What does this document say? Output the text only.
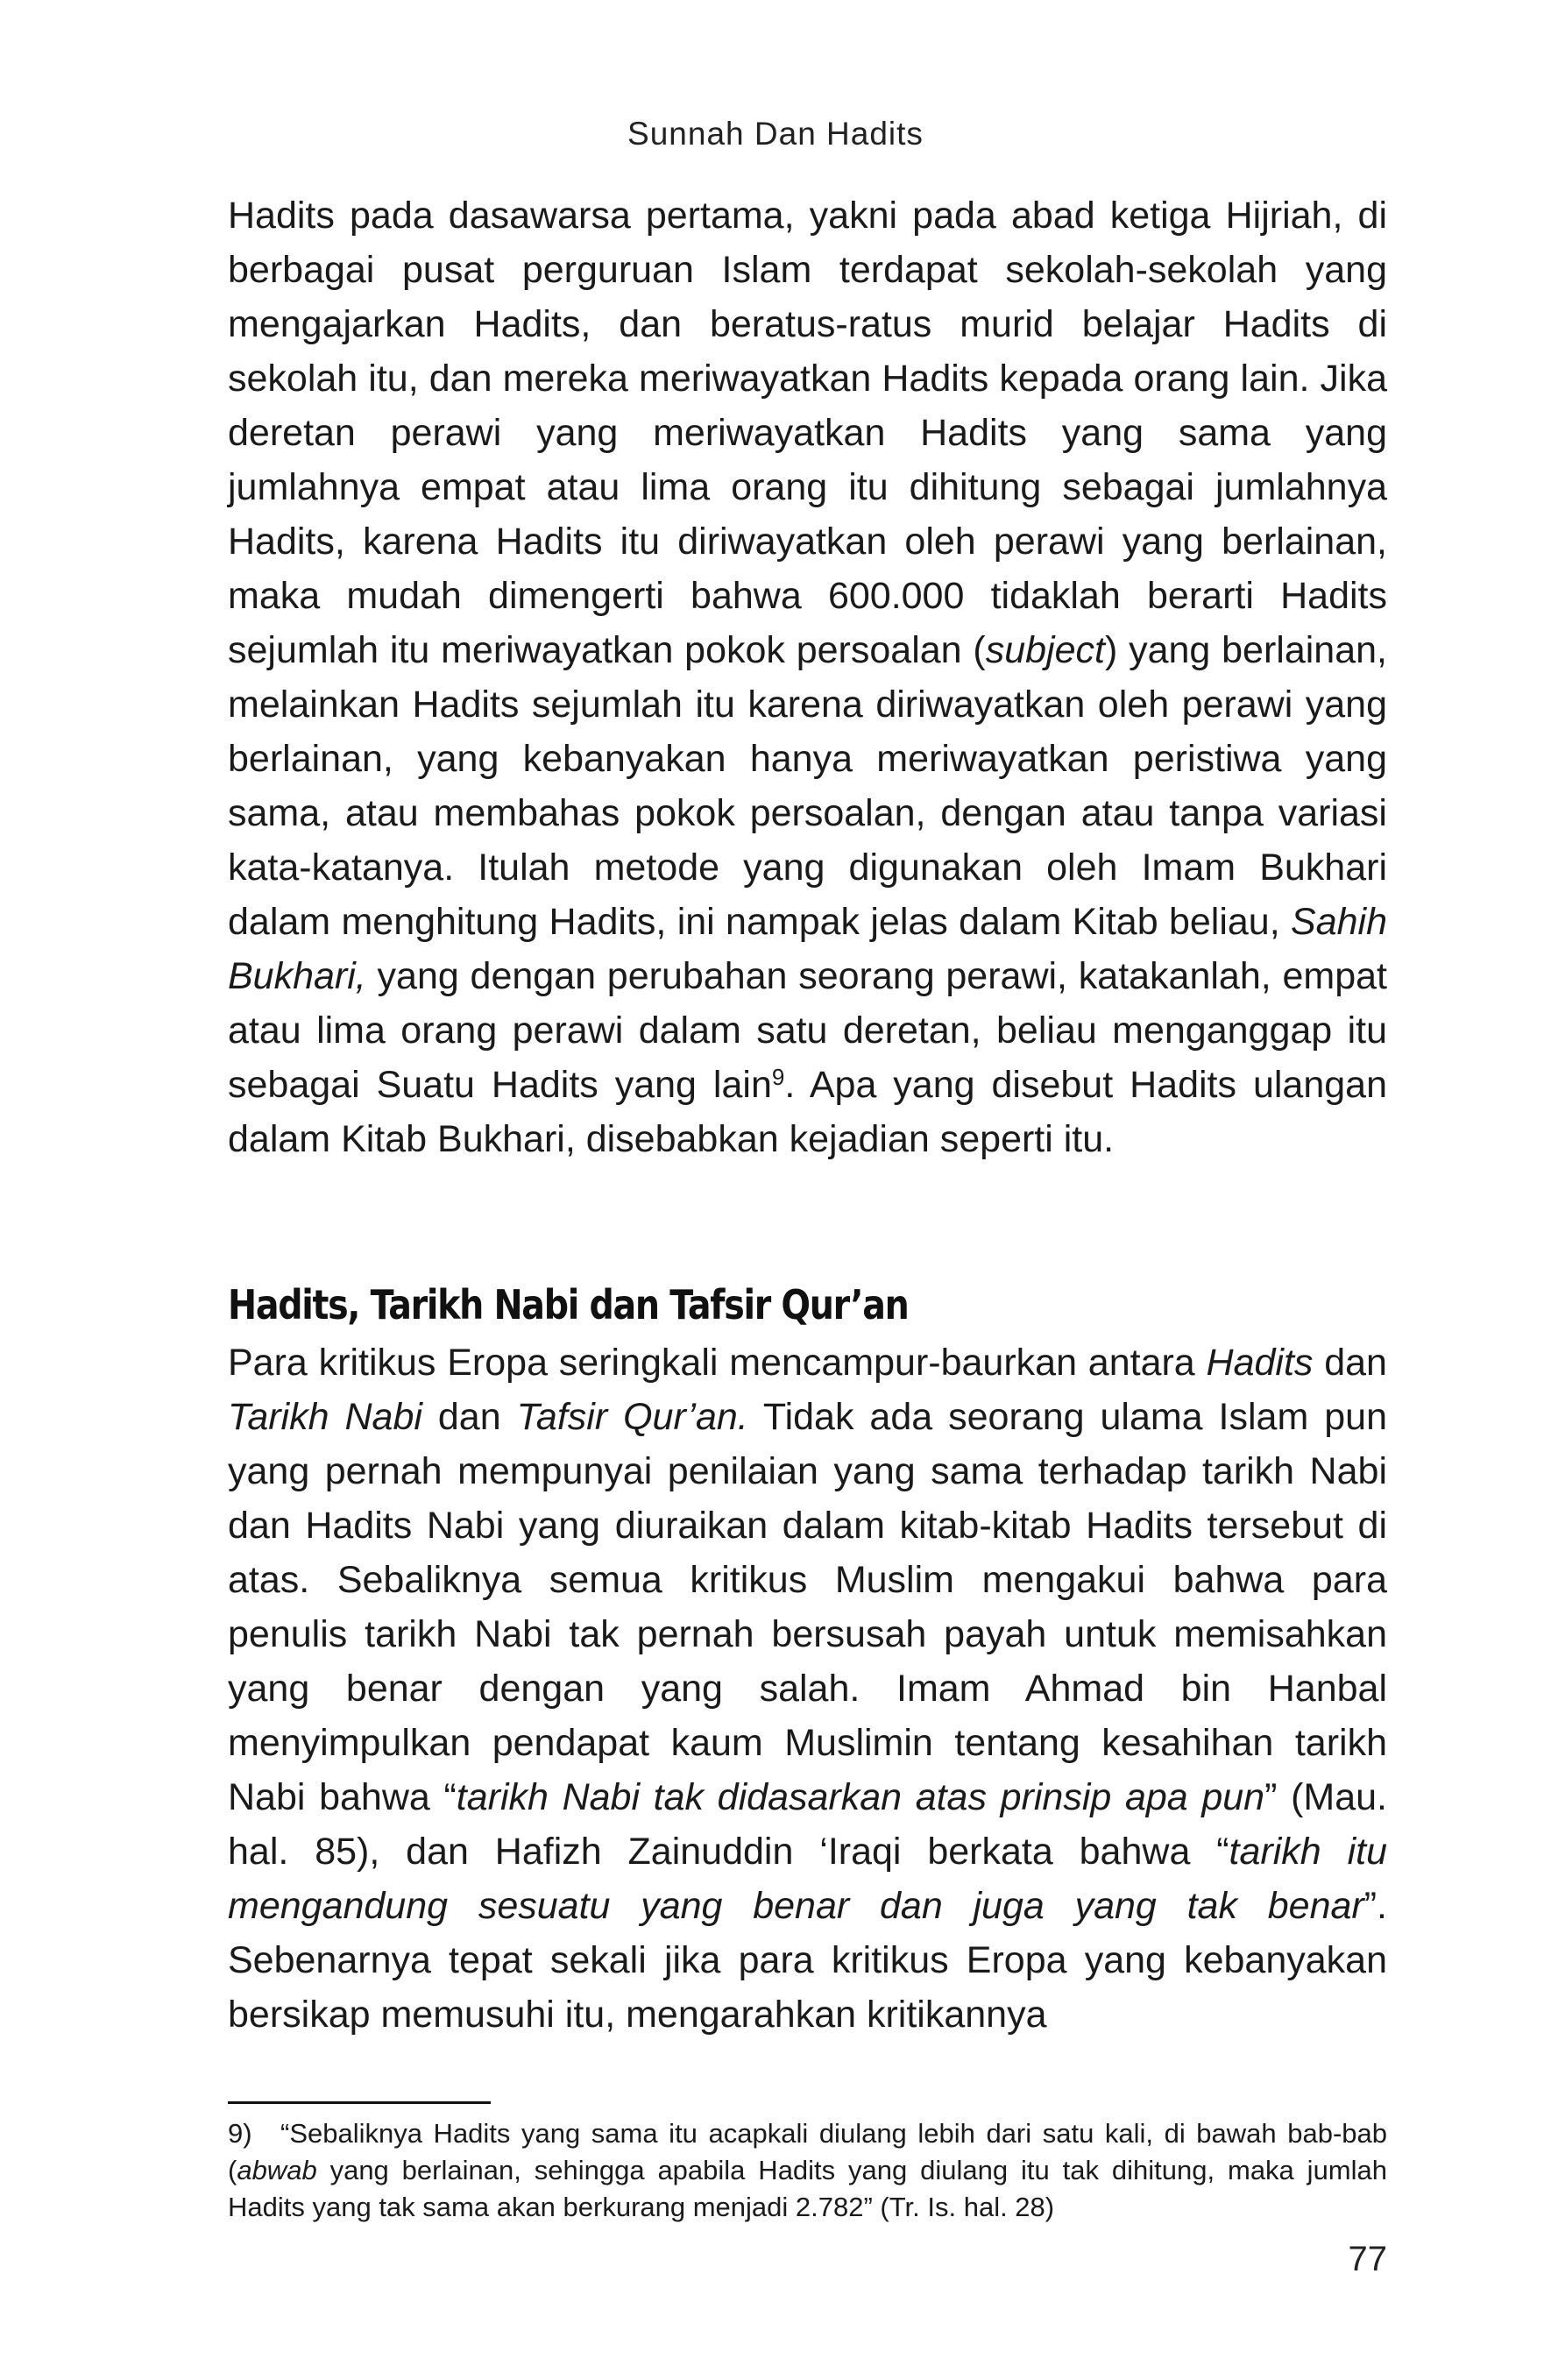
Sunnah Dan Hadits

Hadits pada dasawarsa pertama, yakni pada abad ketiga Hijriah, di berbagai pusat perguruan Islam terdapat sekolah-sekolah yang mengajarkan Hadits, dan beratus-ratus murid belajar Hadits di sekolah itu, dan mereka meriwayatkan Hadits kepada orang lain. Jika deretan perawi yang meriwayatkan Hadits yang sama yang jumlahnya empat atau lima orang itu dihitung sebagai jumlahnya Hadits, karena Hadits itu diriwayatkan oleh perawi yang berlainan, maka mudah dimengerti bahwa 600.000 tidaklah berarti Hadits sejumlah itu meriwayatkan pokok persoalan (subject) yang berlainan, melainkan Hadits sejumlah itu karena diriwayatkan oleh perawi yang berlainan, yang kebanyakan hanya meriwayatkan peristiwa yang sama, atau membahas pokok persoalan, dengan atau tanpa variasi kata-katanya. Itulah metode yang digunakan oleh Imam Bukhari dalam menghitung Hadits, ini nampak jelas dalam Kitab beliau, Sahih Bukhari, yang dengan perubahan seorang perawi, katakanlah, empat atau lima orang perawi dalam satu deretan, beliau menganggap itu sebagai Suatu Hadits yang lain$^9$. Apa yang disebut Hadits ulangan dalam Kitab Bukhari, disebabkan kejadian seperti itu.

Hadits, Tarikh Nabi dan Tafsir Qur’an

Para kritikus Eropa seringkali mencampur-baurkan antara Hadits dan Tarikh Nabi dan Tafsir Qur’an. Tidak ada seorang ulama Islam pun yang pernah mempunyai penilaian yang sama terhadap tarikh Nabi dan Hadits Nabi yang diuraikan dalam kitab-kitab Hadits tersebut di atas. Sebaliknya semua kritikus Muslim mengakui bahwa para penulis tarikh Nabi tak pernah bersusah payah untuk memisahkan yang benar dengan yang salah. Imam Ahmad bin Hanbal menyimpulkan pendapat kaum Muslimin tentang kesahihan tarikh Nabi bahwa “tarikh Nabi tak didasarkan atas prinsip apa pun” (Mau. hal. 85), dan Hafizh Zainuddin ‘Iraqi berkata bahwa “tarikh itu mengandung sesuatu yang benar dan juga yang tak benar”. Sebenarnya tepat sekali jika para kritikus Eropa yang kebanyakan bersikap memusuhi itu, mengarahkan kritikannya

9) “Sebaliknya Hadits yang sama itu acapkali diulang lebih dari satu kali, di bawah bab-bab (abwab yang berlainan, sehingga apabila Hadits yang diulang itu tak dihitung, maka jumlah Hadits yang tak sama akan berkurang menjadi 2.782” (Tr. Is. hal. 28)

77
